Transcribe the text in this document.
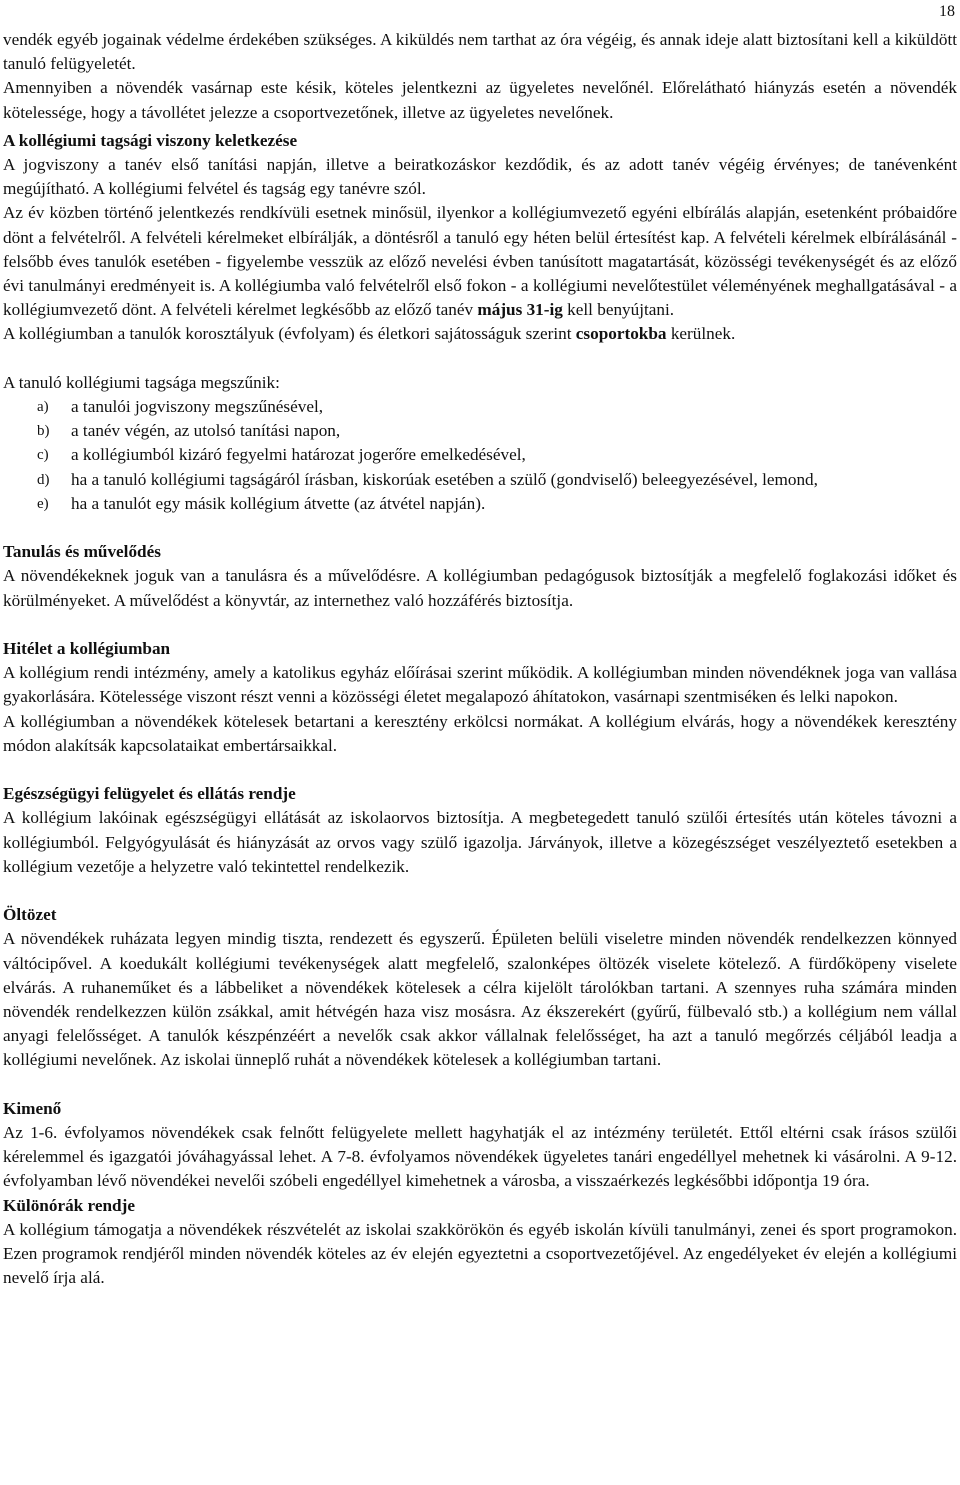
18

vendék egyéb jogainak védelme érdekében szükséges. A kiküldés nem tarthat az óra végéig, és annak ideje alatt biztosítani kell a kiküldött tanuló felügyeletét.

Amennyiben a növendék vasárnap este késik, köteles jelentkezni az ügyeletes nevelőnél. Előrelátható hiányzás esetén a növendék kötelessége, hogy a távollétet jelezze a csoportvezetőnek, illetve az ügyeletes nevelőnek.

A kollégiumi tagsági viszony keletkezése

A jogviszony a tanév első tanítási napján, illetve a beiratkozáskor kezdődik, és az adott tanév végéig érvényes; de tanévenként megújítható. A kollégiumi felvétel és tagság egy tanévre szól.

Az év közben történő jelentkezés rendkívüli esetnek minősül, ilyenkor a kollégiumvezető egyéni elbírálás alapján, esetenként próbaidőre dönt a felvételről. A felvételi kérelmeket elbírálják, a döntésről a tanuló egy héten belül értesítést kap. A felvételi kérelmek elbírálásánál - felsőbb éves tanulók esetében - figyelembe vesszük az előző nevelési évben tanúsított magatartását, közösségi tevékenységét és az előző évi tanulmányi eredményeit is. A kollégiumba való felvételről első fokon - a kollégiumi nevelőtestület véleményének meghallgatásával - a kollégiumvezető dönt. A felvételi kérelmet legkésőbb az előző tanév május 31-ig kell benyújtani.

A kollégiumban a tanulók korosztályuk (évfolyam) és életkori sajátosságuk szerint csoportokba kerülnek.

A tanuló kollégiumi tagsága megszűnik:

a)	a tanulói jogviszony megszűnésével,
b)	a tanév végén, az utolsó tanítási napon,
c)	a kollégiumból kizáró fegyelmi határozat jogerőre emelkedésével,
d)	ha a tanuló kollégiumi tagságáról írásban, kiskorúak esetében a szülő (gondviselő) beleegyezésével, lemond,
e)	ha a tanulót egy másik kollégium átvette (az átvétel napján).

Tanulás és művelődés

A növendékeknek joguk van a tanulásra és a művelődésre. A kollégiumban pedagógusok biztosítják a megfelelő foglakozási időket és körülményeket. A művelődést a könyvtár, az internethez való hozzáférés biztosítja.

Hitélet a kollégiumban

A kollégium rendi intézmény, amely a katolikus egyház előírásai szerint működik. A kollégiumban minden növendéknek joga van vallása gyakorlására. Kötelessége viszont részt venni a közösségi életet megalapozó áhítatokon, vasárnapi szentmiséken és lelki napokon.

A kollégiumban a növendékek kötelesek betartani a keresztény erkölcsi normákat. A kollégium elvárás, hogy a növendékek keresztény módon alakítsák kapcsolataikat embertársaikkal.

Egészségügyi felügyelet és ellátás rendje

A kollégium lakóinak egészségügyi ellátását az iskolaorvos biztosítja. A megbetegedett tanuló szülői értesítés után köteles távozni a kollégiumból. Felgyógyulását és hiányzását az orvos vagy szülő igazolja. Járványok, illetve a közegészséget veszélyeztető esetekben a kollégium vezetője a helyzetre való tekintettel rendelkezik.

Öltözet

A növendékek ruházata legyen mindig tiszta, rendezett és egyszerű. Épületen belüli viseletre minden növendék rendelkezzen könnyed váltócipővel. A koedukált kollégiumi tevékenységek alatt megfelelő, szalonképes öltözék viselete kötelező. A fürdőköpeny viselete elvárás. A ruhaneműket és a lábbeliket a növendékek kötelesek a célra kijelölt tárolókban tartani. A szennyes ruha számára minden növendék rendelkezzen külön zsákkal, amit hétvégén haza visz mosásra. Az ékszerekért (gyűrű, fülbevaló stb.) a kollégium nem vállal anyagi felelősséget. A tanulók készpénzéért a nevelők csak akkor vállalnak felelősséget, ha azt a tanuló megőrzés céljából leadja a kollégiumi nevelőnek. Az iskolai ünneplő ruhát a növendékek kötelesek a kollégiumban tartani.

Kimenő

Az 1-6. évfolyamos növendékek csak felnőtt felügyelete mellett hagyhatják el az intézmény területét. Ettől eltérni csak írásos szülői kérelemmel és igazgatói jóváhagyással lehet. A 7-8. évfolyamos növendékek ügyeletes tanári engedéllyel mehetnek ki vásárolni. A 9-12. évfolyamban lévő növendékei nevelői szóbeli engedéllyel kimehetnek a városba, a visszaérkezés legkésőbbi időpontja 19 óra.

Különórák rendje

A kollégium támogatja a növendékek részvételét az iskolai szakkörökön és egyéb iskolán kívüli tanulmányi, zenei és sport programokon. Ezen programok rendjéről minden növendék köteles az év elején egyeztetni a csoportvezetőjével. Az engedélyeket év elején a kollégiumi nevelő írja alá.
